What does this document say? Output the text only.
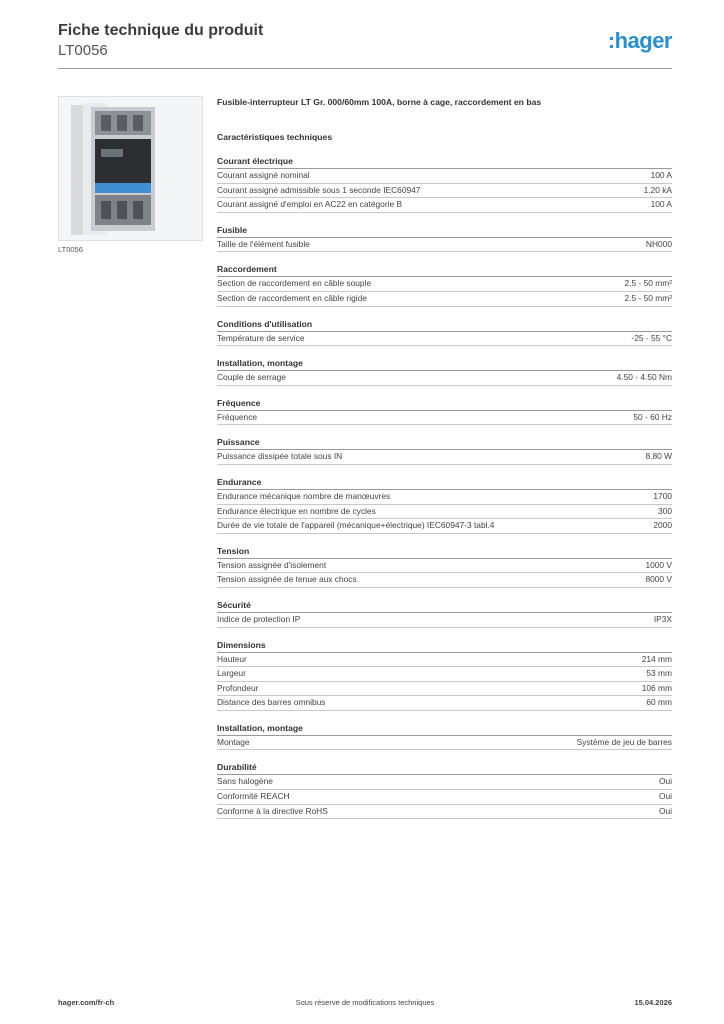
Fiche technique du produit
LT0056	:hager
LT0056
Fusible-interrupteur LT Gr. 000/60mm 100A, borne à cage, raccordement en bas
Caractéristiques techniques
Courant électrique
Courant assigné nominal	100 A
Courant assigné admissible sous 1 seconde IEC60947	1.20 kA
Courant assigné d'emploi en AC22 en catégorie B	100 A
Fusible
Taille de l'élément fusible	NH000
Raccordement
Section de raccordement en câble souple	2.5 - 50 mm²
Section de raccordement en câble rigide	2.5 - 50 mm²
Conditions d'utilisation
Température de service	-25 - 55 °C
Installation, montage
Couple de serrage	4.50 - 4.50 Nm
Fréquence
Fréquence	50 - 60 Hz
Puissance
Puissance dissipée totale sous IN	8.80 W
Endurance
Endurance mécanique nombre de manœuvres	1700
Endurance électrique en nombre de cycles	300
Durée de vie totale de l'appareil (mécanique+électrique) IEC60947-3 tabl.4	2000
Tension
Tension assignée d'isolement	1000 V
Tension assignée de tenue aux chocs	8000 V
Sécurité
Indice de protection IP	IP3X
Dimensions
Hauteur	214 mm
Largeur	53 mm
Profondeur	106 mm
Distance des barres omnibus	60 mm
Installation, montage
Montage	Système de jeu de barres
Durabilité
Sans halogène	Oui
Conformité REACH	Oui
Conforme à la directive RoHS	Oui
hager.com/fr-ch	Sous réserve de modifications techniques	15.04.2026
